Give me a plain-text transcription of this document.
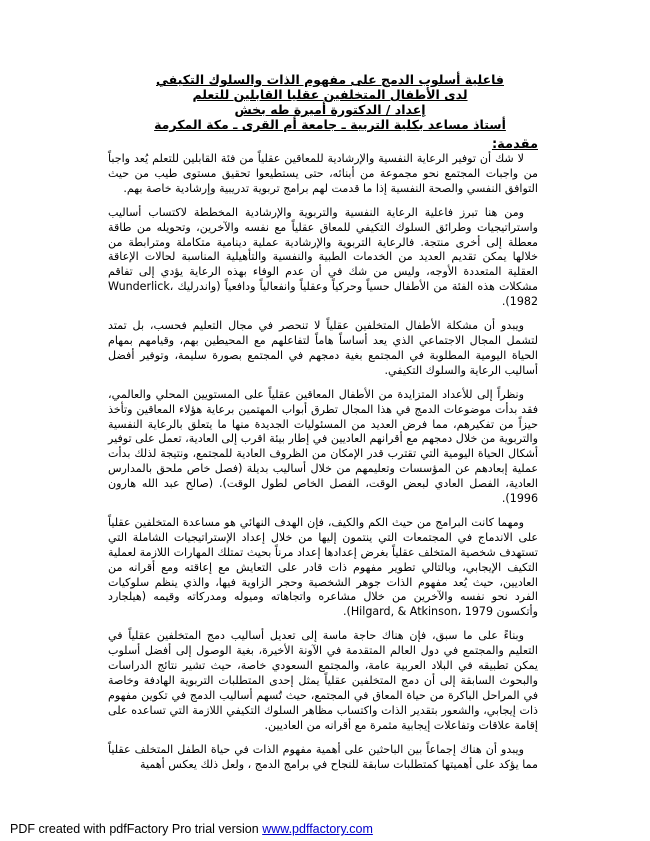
فاعلية أسلوب الدمج على مفهوم الذات والسلوك التكيفي
لدى الأطفال المتخلفين عقليا القابلين للتعلم
إعداد / الدكتورة أميرة طه بخش
أستاذ مساعد بكلية التربية ـ جامعة أم القرى ـ مكة المكرمة
مقدمة:

لا شك أن توفير الرعاية النفسية والإرشادية للمعاقين عقلياً من فئة القابلين للتعلم يُعد واجباً من واجبات المجتمع نحو مجموعة من أبنائه، حتى يستطيعوا تحقيق مستوى طيب من حيث التوافق النفسي والصحة النفسية إذا ما قدمت لهم برامج تربوية تدريبية وإرشادية خاصة بهم.

ومن هنا تبرز فاعلية الرعاية النفسية والتربوية والإرشادية المخططة لاكتساب أساليب واستراتيجيات وطرائق السلوك التكيفي للمعاق عقلياً مع نفسه والآخرين، وتحويله من طاقة معطلة إلى أخرى منتجة. فالرعاية التربوية والإرشادية عملية دينامية متكاملة ومترابطة من خلالها يمكن تقديم العديد من الخدمات الطبية والنفسية والتأهيلية المناسبة لحالات الإعاقة العقلية المتعددة الأوجه، وليس من شك في أن عدم الوفاء بهذه الرعاية يؤدي إلى تفاقم مشكلات هذه الفئة من الأطفال حسياً وحركياً وعقلياً وانفعالياً ودافعياً (واندرليك Wunderlick، 1982).

ويبدو أن مشكلة الأطفال المتخلفين عقلياً لا تنحصر في مجال التعليم فحسب، بل تمتد لتشمل المجال الاجتماعي الذي يعد أساساً هاماً لتفاعلهم مع المحيطين بهم، وقيامهم بمهام الحياة اليومية المطلوبة في المجتمع بغية دمجهم في المجتمع بصورة سليمة، وتوفير أفضل أساليب الرعاية والسلوك التكيفي.

ونظراً إلى للأعداد المتزايدة من الأطفال المعاقين عقلياً على المستويين المحلي والعالمي، فقد بدأت موضوعات الدمج في هذا المجال تطرق أبواب المهتمين برعاية هؤلاء المعاقين وتأخذ حيزاً من تفكيرهم، مما فرض العديد من المسئوليات الجديدة منها ما يتعلق بالرعاية النفسية والتربوية من خلال دمجهم مع أقرانهم العاديين في إطار بيئة اقرب إلى العادية، تعمل على توفير أشكال الحياة اليومية التي تقترب قدر الإمكان من الظروف العادية للمجتمع، ونتيجة لذلك بدأت عملية إبعادهم عن المؤسسات وتعليمهم من خلال أساليب بديلة (فصل خاص ملحق بالمدارس العادية، الفصل العادي لبعض الوقت، الفصل الخاص لطول الوقت). (صالح عبد الله هارون 1996).

ومهما كانت البرامج من حيث الكم والكيف، فإن الهدف النهائي هو مساعدة المتخلفين عقلياً على الاندماج في المجتمعات التي ينتمون إليها من خلال إعداد الإستراتيجيات الشاملة التي تستهدف شخصية المتخلف عقلياً بغرض إعدادها إعداد مرناً بحيث تمتلك المهارات اللازمة لعملية التكيف الإيجابي، وبالتالي تطوير مفهوم ذات قادر على التعايش مع إعاقته ومع أقرانه من العاديين، حيث يُعد مفهوم الذات جوهر الشخصية وحجر الزاوية فيها، والذي ينظم سلوكيات الفرد نحو نفسه والآخرين من خلال مشاعره واتجاهاته وميوله ومدركاته وقيمه (هيلجارد وأتكسون Hilgard, & Atkinson، 1979).

وبناءً على ما سبق، فإن هناك حاجة ماسة إلى تعديل أساليب دمج المتخلفين عقلياً في التعليم والمجتمع في دول العالم المتقدمة في الآونة الأخيرة، بغية الوصول إلى أفضل أسلوب يمكن تطبيقه في البلاد العربية عامة، والمجتمع السعودي خاصة، حيث تشير نتائج الدراسات والبحوث السابقة إلى أن دمج المتخلفين عقلياً يمثل إحدى المتطلبات التربوية الهادفة وخاصة في المراحل الباكرة من حياة المعاق في المجتمع، حيث تُسهم أساليب الدمج في تكوين مفهوم ذات إيجابي، والشعور بتقدير الذات واكتساب مظاهر السلوك التكيفي اللازمة التي تساعده على إقامة علاقات وتفاعلات إيجابية مثمرة مع أقرانه من العاديين.

ويبدو أن هناك إجماعاً بين الباحثين على أهمية مفهوم الذات في حياة الطفل المتخلف عقلياً مما يؤكد على أهميتها كمتطلبات سابقة للنجاح في برامج الدمج ، ولعل ذلك يعكس أهمية

PDF created with pdfFactory Pro trial version www.pdffactory.com
